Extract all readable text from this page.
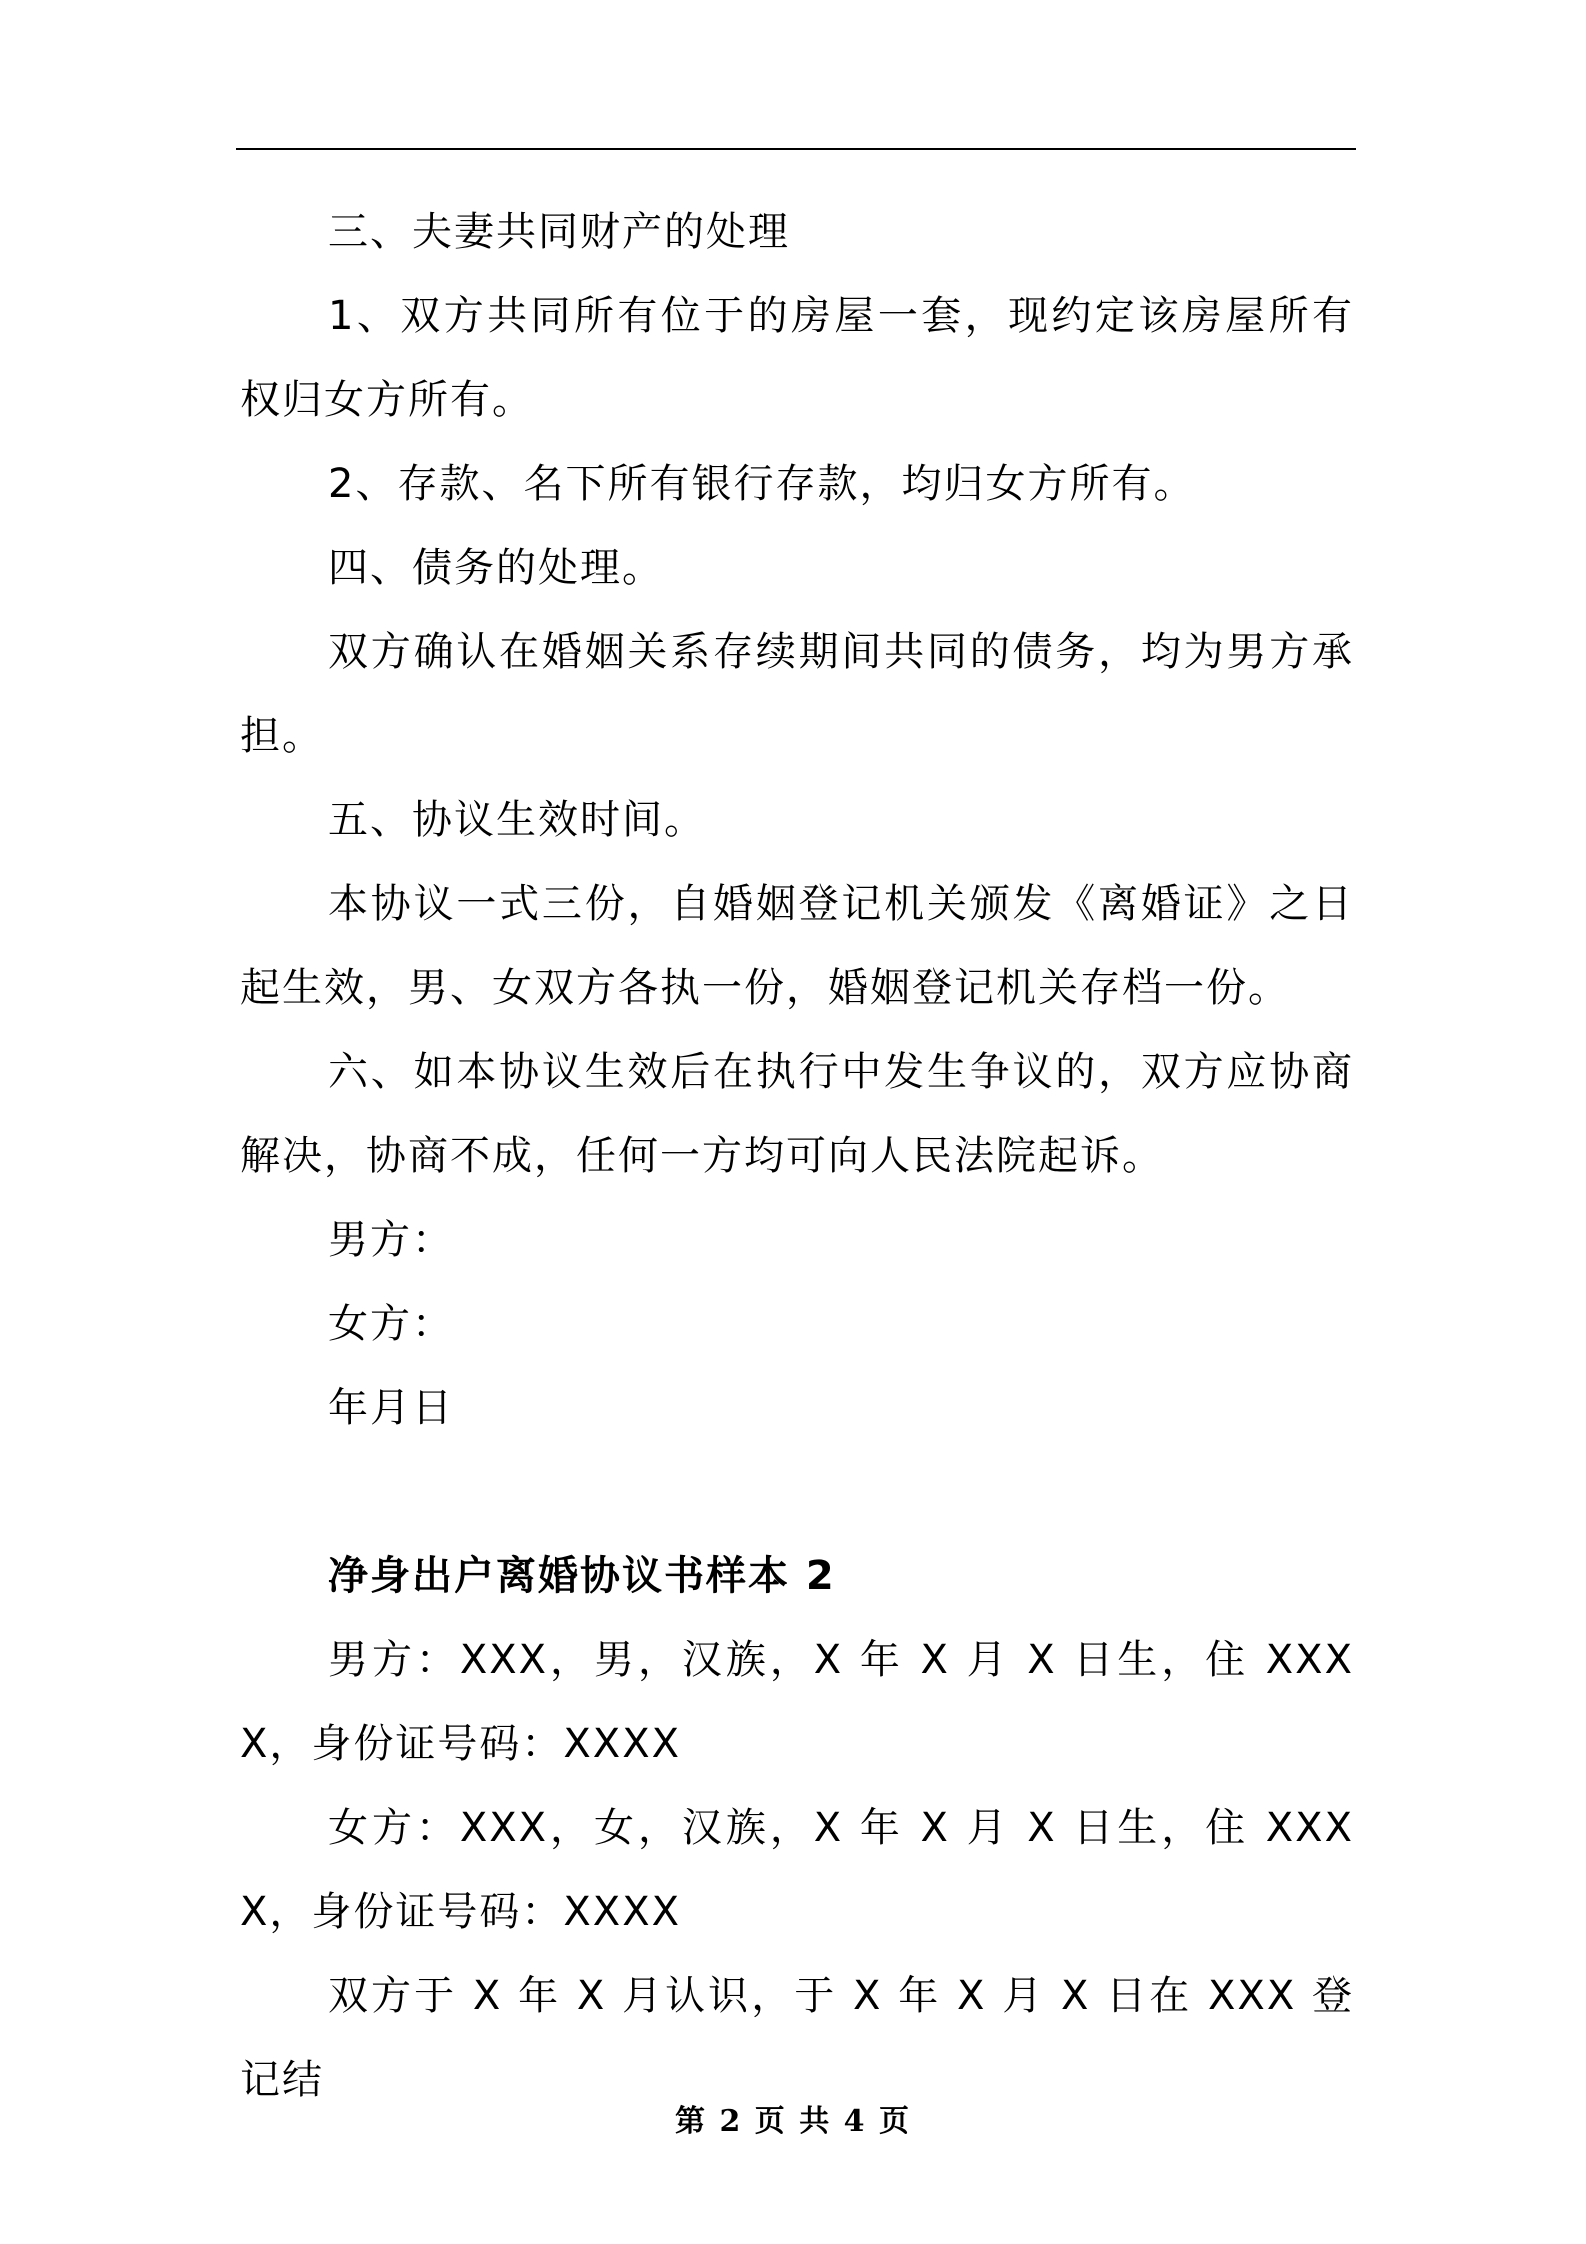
三、夫妻共同财产的处理

1、双方共同所有位于的房屋一套，现约定该房屋所有权归女方所有。

2、存款、名下所有银行存款，均归女方所有。

四、债务的处理。

双方确认在婚姻关系存续期间共同的债务，均为男方承担。

五、协议生效时间。

本协议一式三份，自婚姻登记机关颁发《离婚证》之日起生效，男、女双方各执一份，婚姻登记机关存档一份。

六、如本协议生效后在执行中发生争议的，双方应协商解决，协商不成，任何一方均可向人民法院起诉。

男方：

女方：

年月日

净身出户离婚协议书样本 2

男方：XXX，男，汉族，X 年 X 月 X 日生，住 XXXX，身份证号码：XXXX

女方：XXX，女，汉族，X 年 X 月 X 日生，住 XXXX，身份证号码：XXXX

双方于 X 年 X 月认识，于 X 年 X 月 X 日在 XXX 登记结

第 2 页 共 4 页
